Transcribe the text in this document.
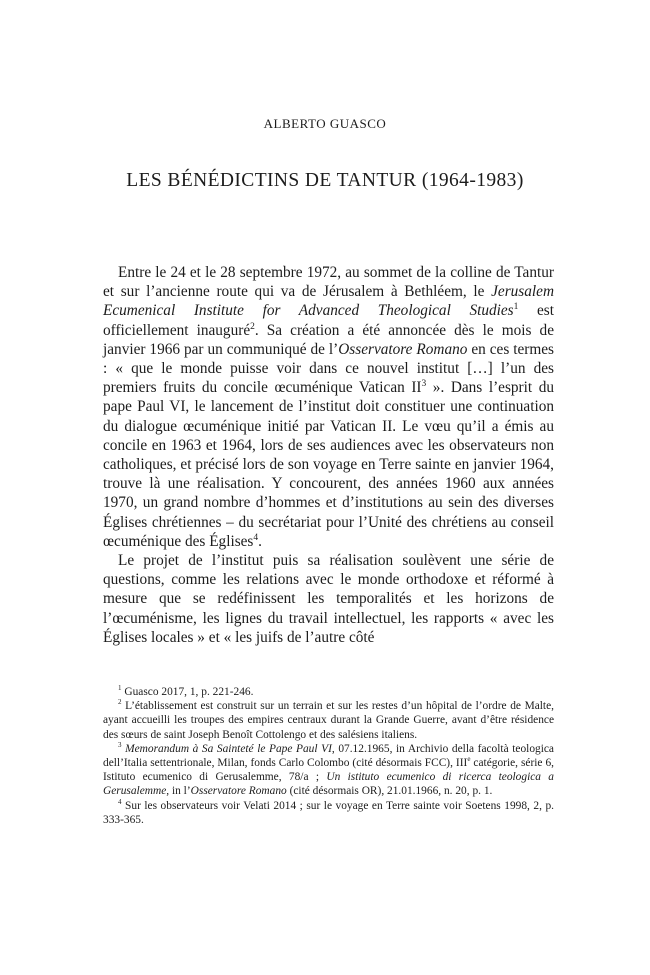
ALBERTO GUASCO
LES BÉNÉDICTINS DE TANTUR (1964-1983)

Entre le 24 et le 28 septembre 1972, au sommet de la colline de Tantur et sur l’ancienne route qui va de Jérusalem à Bethléem, le Jerusalem Ecumenical Institute for Advanced Theological Studies$^1$ est officiellement inauguré$^2$. Sa création a été annoncée dès le mois de janvier 1966 par un communiqué de l’Osservatore Romano en ces termes : « que le monde puisse voir dans ce nouvel institut […] l’un des premiers fruits du concile œcuménique Vatican $II^3$ ». Dans l’esprit du pape Paul VI, le lancement de l’institut doit constituer une continuation du dialogue œcuménique initié par Vatican II. Le vœu qu’il a émis au concile en 1963 et 1964, lors de ses audiences avec les observateurs non catholiques, et précisé lors de son voyage en Terre sainte en janvier 1964, trouve là une réalisation. Y concourent, des années 1960 aux années 1970, un grand nombre d’hommes et d’institutions au sein des diverses Églises chrétiennes – du secrétariat pour l’Unité des chrétiens au conseil œcuménique des Églises$^4$.

Le projet de l’institut puis sa réalisation soulèvent une série de questions, comme les relations avec le monde orthodoxe et réformé à mesure que se redéfinissent les temporalités et les horizons de l’œcuménisme, les lignes du travail intellectuel, les rapports « avec les Églises locales » et « les juifs de l’autre côté

$^1$ Guasco 2017, 1, p. 221-246.

$^2$ L’établissement est construit sur un terrain et sur les restes d’un hôpital de l’ordre de Malte, ayant accueilli les troupes des empires centraux durant la Grande Guerre, avant d’être résidence des sœurs de saint Joseph Benoît Cottolengo et des salésiens italiens.

$^3$ Memorandum à Sa Sainteté le Pape Paul VI, 07.12.1965, in Archivio della facoltà teologica dell’Italia settentrionale, Milan, fonds Carlo Colombo (cité désormais FCC), IIIe catégorie, série 6, Istituto ecumenico di Gerusalemme, 78/a ; Un istituto ecumenico di ricerca teologica a Gerusalemme, in l’Osservatore Romano (cité désormais OR), 21.01.1966, n. 20, p. 1.

$^4$ Sur les observateurs voir Velati 2014 ; sur le voyage en Terre sainte voir Soetens 1998, 2, p. 333-365.
